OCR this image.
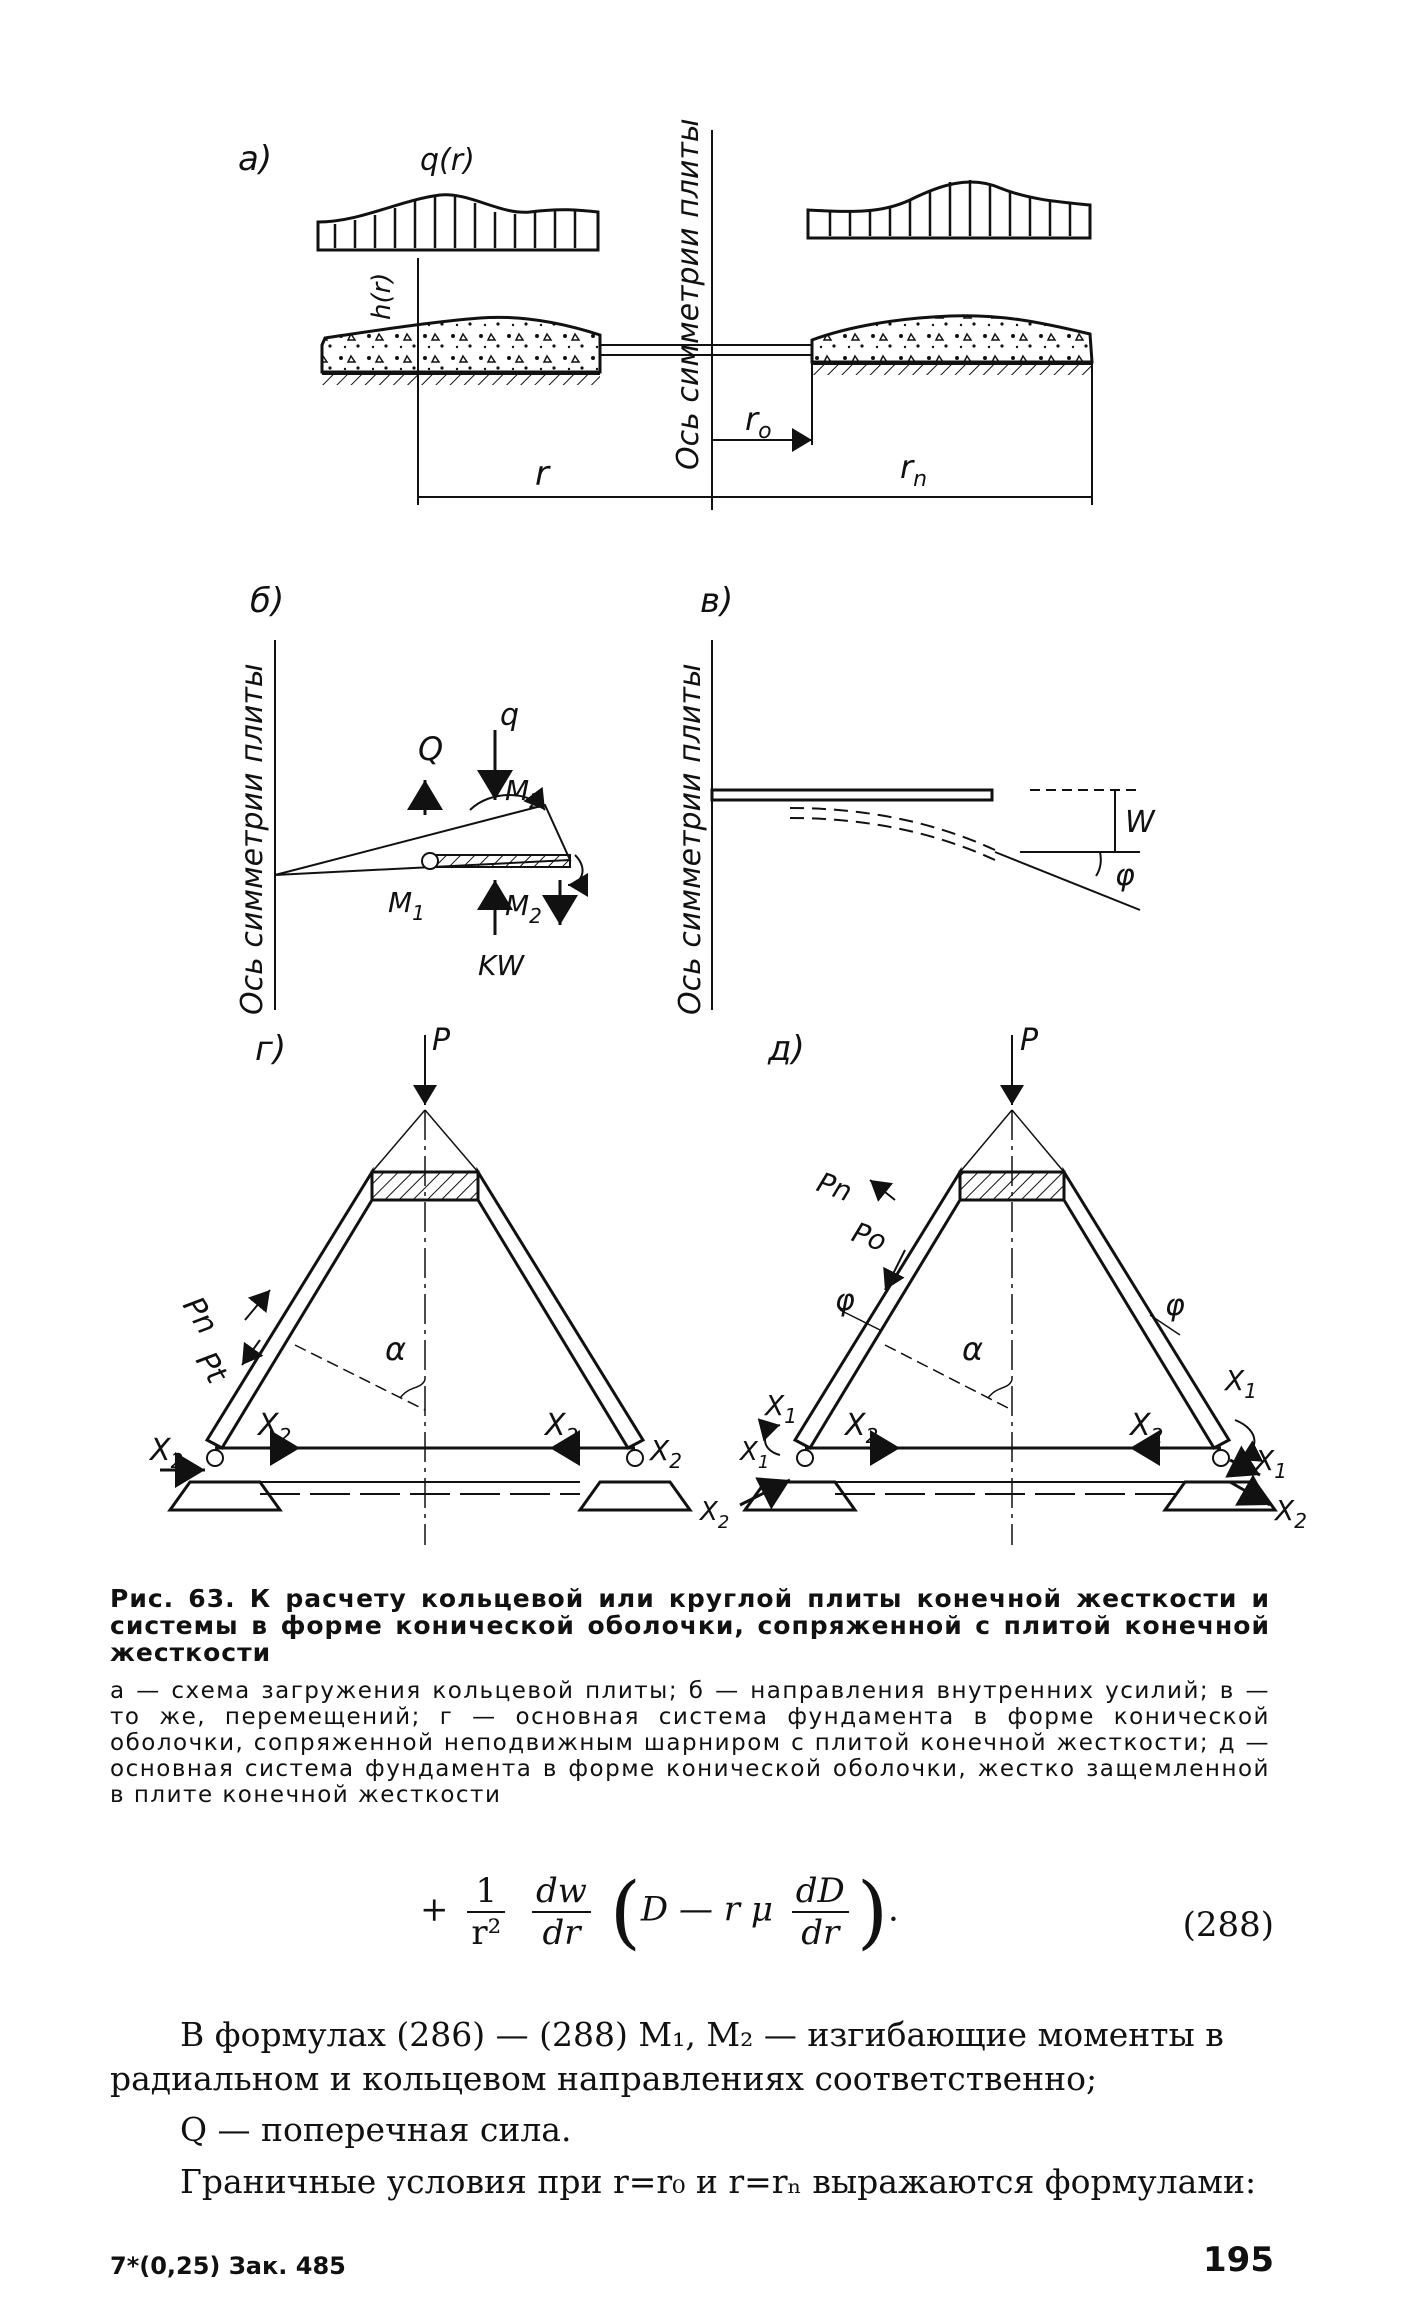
a)	q(r)	Ось симметрии плиты
h(r)
$r_o$
r	$r_n$
б)
Ось симметрии плиты	Q
q
$M_2$
$M_2$
$M_1$
KW
в)
Ось симметрии плиты	W
φ
г)	P
α
Pn
Pt
$X_2$	$X_2$
$X_2$	$X_2$
д)	P
α
Pn
Po
φ	φ
$X_2$	$X_2$
$X_1$
$X_1$
$X_1$	$X_1$
$X_2$	$X_2$
Рис. 63. К расчету кольцевой или круглой плиты конечной жесткости и системы в форме конической оболочки, сопряженной с плитой конечной жесткости
а — схема загружения кольцевой плиты; б — направления внутренних усилий; в — то же, перемещений; г — основная система фундамента в форме конической оболочки, сопряженной неподвижным шарниром с плитой конечной жесткости; д — основная система фундамента в форме конической оболочки, жестко защемленной в плите конечной жесткости
+ $\frac{1}{\text{r²}}$
$\frac{dw}{dr} (D$ — r μ $\frac{dD}{dr}$ ).	(288)
В формулах (286) — (288) M₁, M₂ — изгибающие моменты в радиальном и кольцевом направлениях соответственно;
Q — поперечная сила.
Граничные условия при r=r₀ и r=rₙ выражаются формулами:
7*(0,25) Зак. 485	195
